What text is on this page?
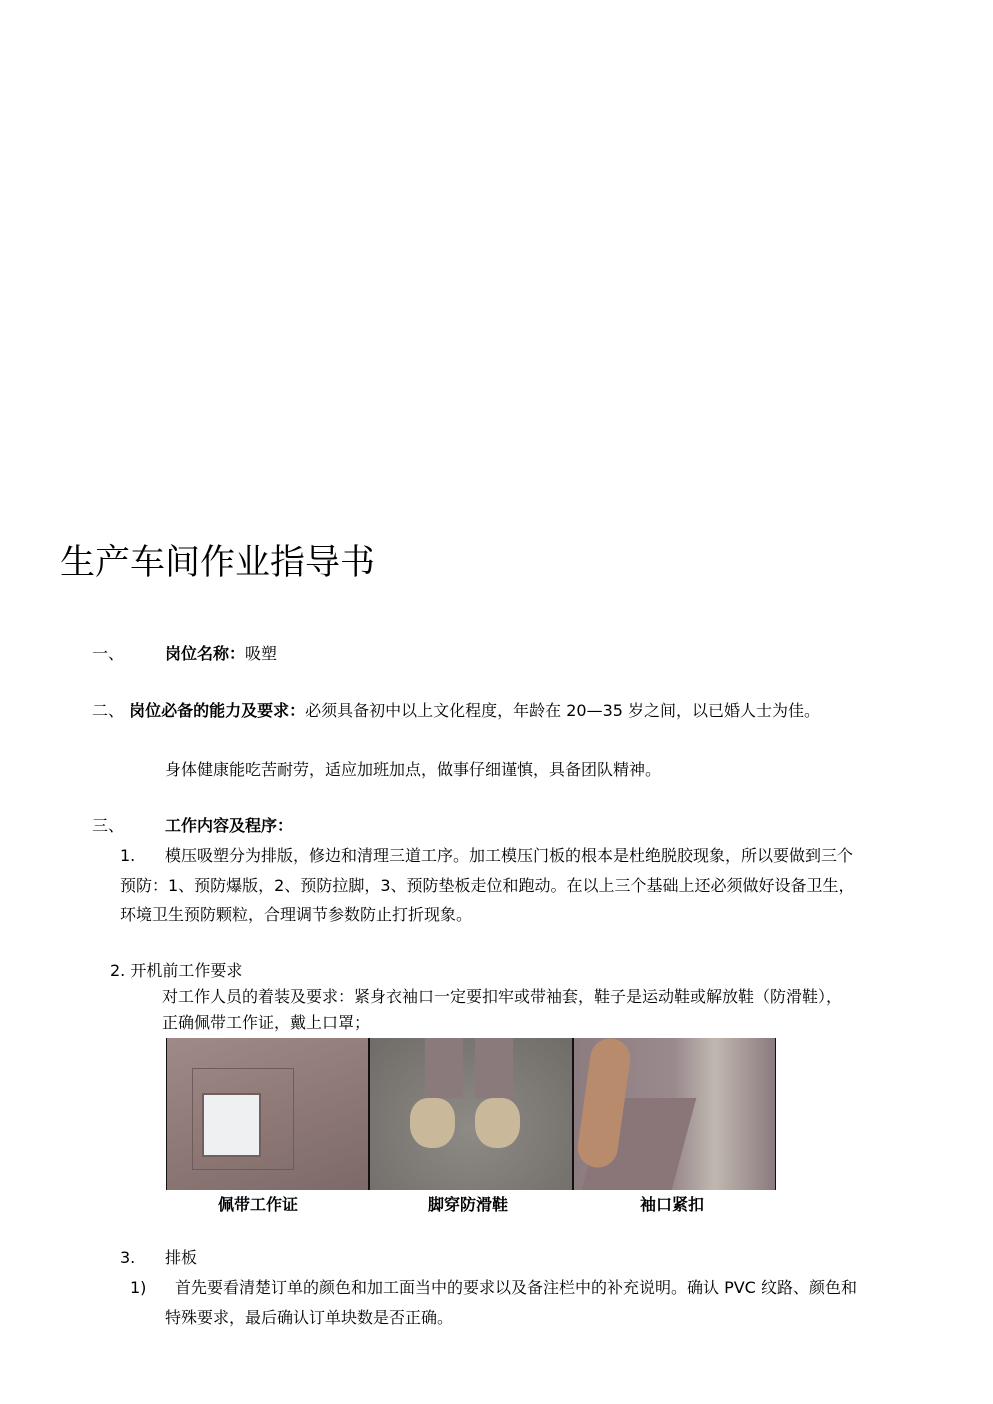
生产车间作业指导书
一、	岗位名称：吸塑
二、 岗位必备的能力及要求：必须具备初中以上文化程度，年龄在 20—35 岁之间，以已婚人士为佳。
身体健康能吃苦耐劳，适应加班加点，做事仔细谨慎，具备团队精神。
三、	工作内容及程序：
1. 模压吸塑分为排版，修边和清理三道工序。加工模压门板的根本是杜绝脱胶现象，所以要做到三个
预防：1、预防爆版，2、预防拉脚，3、预防垫板走位和跑动。在以上三个基础上还必须做好设备卫生，
环境卫生预防颗粒，合理调节参数防止打折现象。
2. 开机前工作要求
对工作人员的着装及要求：紧身衣袖口一定要扣牢或带袖套，鞋子是运动鞋或解放鞋（防滑鞋），
正确佩带工作证，戴上口罩；
佩带工作证	脚穿防滑鞋	袖口紧扣
3. 排板
1) 首先要看清楚订单的颜色和加工面当中的要求以及备注栏中的补充说明。确认 PVC 纹路、颜色和
特殊要求，最后确认订单块数是否正确。
